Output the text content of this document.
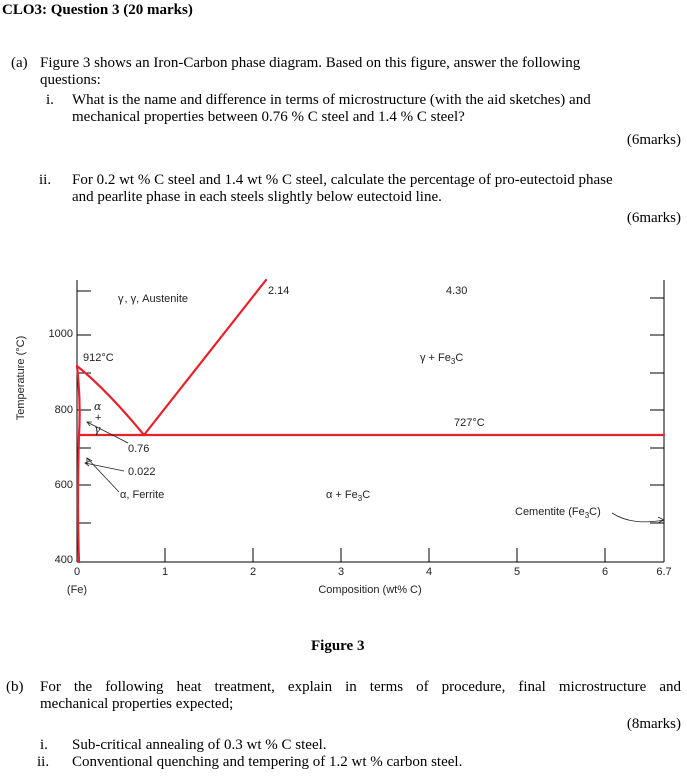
CLO3: Question 3 (20 marks)
(a) Figure 3 shows an Iron-Carbon phase diagram. Based on this figure, answer the following
questions:
i. What is the name and difference in terms of microstructure (with the aid sketches) and
mechanical properties between 0.76 % C steel and 1.4 % C steel?
(6marks)
ii. For 0.2 wt % C steel and 1.4 wt % C steel, calculate the percentage of pro-eutectoid phase
and pearlite phase in each steels slightly below eutectoid line.
(6marks)
Temperature (°C)
1000
800
600
400
0	1	2	3	4	5	6	6.7
(Fe)	Composition (wt% C)
γ, γ, Austenite
2.14	4.30
912°C	$\gamma + Fe_3C$
727°C
α
+
γ
0.76
0.022
α, Ferrite	$\alpha + Fe_3C$
Cementite $(Fe_3C)$
Figure 3
(b) For the following heat treatment, explain in terms of procedure, final microstructure and
mechanical properties expected;
(8marks)
i. Sub-critical annealing of 0.3 wt % C steel.
ii. Conventional quenching and tempering of 1.2 wt % carbon steel.
